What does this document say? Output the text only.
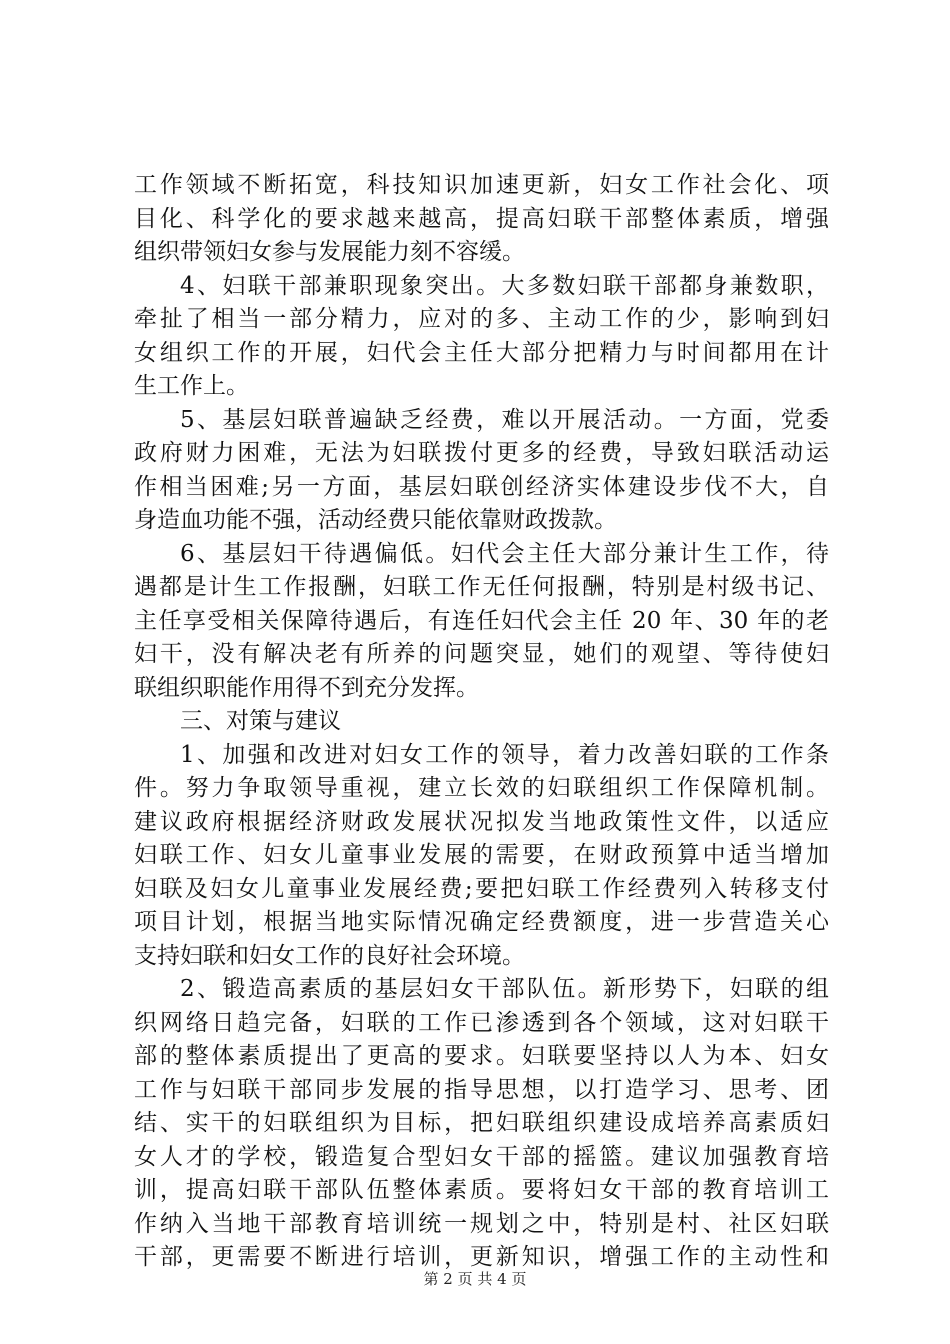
工作领域不断拓宽，科技知识加速更新，妇女工作社会化、项
目化、科学化的要求越来越高，提高妇联干部整体素质，增强
组织带领妇女参与发展能力刻不容缓。
4、妇联干部兼职现象突出。大多数妇联干部都身兼数职，
牵扯了相当一部分精力，应对的多、主动工作的少，影响到妇
女组织工作的开展，妇代会主任大部分把精力与时间都用在计
生工作上。
5、基层妇联普遍缺乏经费，难以开展活动。一方面，党委
政府财力困难，无法为妇联拨付更多的经费，导致妇联活动运
作相当困难;另一方面，基层妇联创经济实体建设步伐不大，自
身造血功能不强，活动经费只能依靠财政拨款。
6、基层妇干待遇偏低。妇代会主任大部分兼计生工作，待
遇都是计生工作报酬，妇联工作无任何报酬，特别是村级书记、
主任享受相关保障待遇后，有连任妇代会主任 20 年、30 年的老
妇干，没有解决老有所养的问题突显，她们的观望、等待使妇
联组织职能作用得不到充分发挥。
三、对策与建议
1、加强和改进对妇女工作的领导，着力改善妇联的工作条
件。努力争取领导重视，建立长效的妇联组织工作保障机制。
建议政府根据经济财政发展状况拟发当地政策性文件，以适应
妇联工作、妇女儿童事业发展的需要，在财政预算中适当增加
妇联及妇女儿童事业发展经费;要把妇联工作经费列入转移支付
项目计划，根据当地实际情况确定经费额度，进一步营造关心
支持妇联和妇女工作的良好社会环境。
2、锻造高素质的基层妇女干部队伍。新形势下，妇联的组
织网络日趋完备，妇联的工作已渗透到各个领域，这对妇联干
部的整体素质提出了更高的要求。妇联要坚持以人为本、妇女
工作与妇联干部同步发展的指导思想，以打造学习、思考、团
结、实干的妇联组织为目标，把妇联组织建设成培养高素质妇
女人才的学校，锻造复合型妇女干部的摇篮。建议加强教育培
训，提高妇联干部队伍整体素质。要将妇女干部的教育培训工
作纳入当地干部教育培训统一规划之中，特别是村、社区妇联
干部，更需要不断进行培训，更新知识，增强工作的主动性和
第 2 页 共 4 页
